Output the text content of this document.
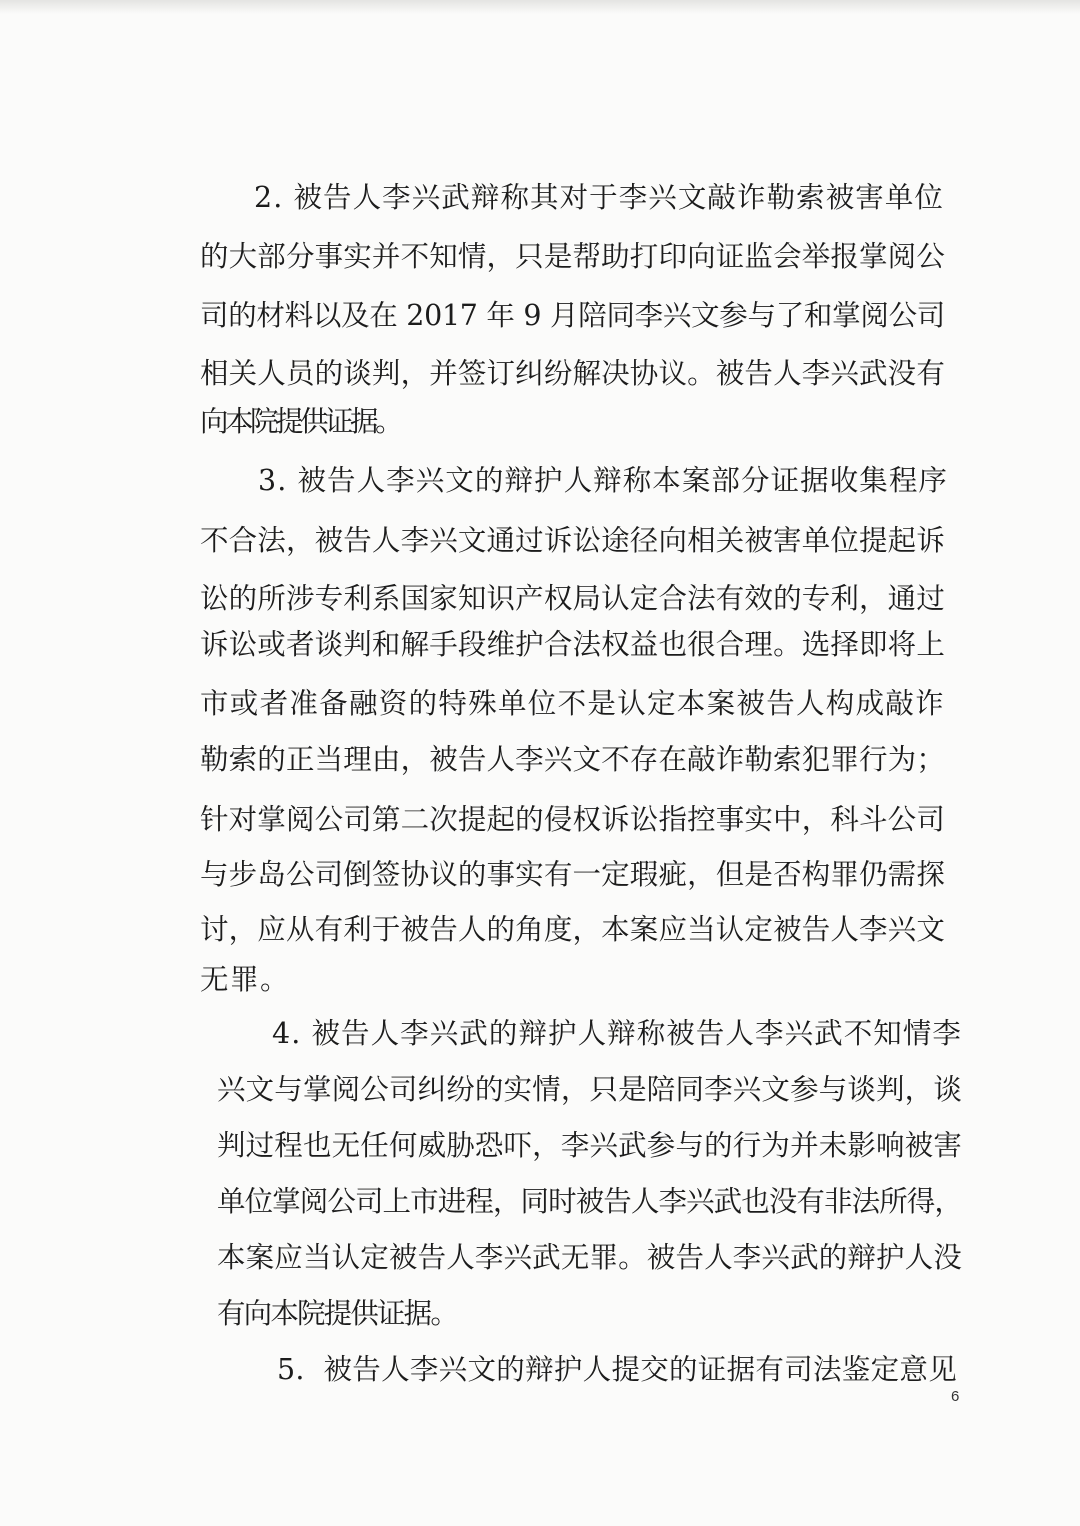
2. 被告人李兴武辩称其对于李兴文敲诈勒索被害单位
的大部分事实并不知情，只是帮助打印向证监会举报掌阅公
司的材料以及在 2017 年 9 月陪同李兴文参与了和掌阅公司
相关人员的谈判，并签订纠纷解决协议。被告人李兴武没有
向本院提供证据。
3. 被告人李兴文的辩护人辩称本案部分证据收集程序
不合法，被告人李兴文通过诉讼途径向相关被害单位提起诉
讼的所涉专利系国家知识产权局认定合法有效的专利，通过
诉讼或者谈判和解手段维护合法权益也很合理。选择即将上
市或者准备融资的特殊单位不是认定本案被告人构成敲诈
勒索的正当理由，被告人李兴文不存在敲诈勒索犯罪行为；
针对掌阅公司第二次提起的侵权诉讼指控事实中，科斗公司
与步岛公司倒签协议的事实有一定瑕疵，但是否构罪仍需探
讨，应从有利于被告人的角度，本案应当认定被告人李兴文
无罪。
4. 被告人李兴武的辩护人辩称被告人李兴武不知情李
兴文与掌阅公司纠纷的实情，只是陪同李兴文参与谈判，谈
判过程也无任何威胁恐吓，李兴武参与的行为并未影响被害
单位掌阅公司上市进程，同时被告人李兴武也没有非法所得，
本案应当认定被告人李兴武无罪。被告人李兴武的辩护人没
有向本院提供证据。
5.  被告人李兴文的辩护人提交的证据有司法鉴定意见
6
